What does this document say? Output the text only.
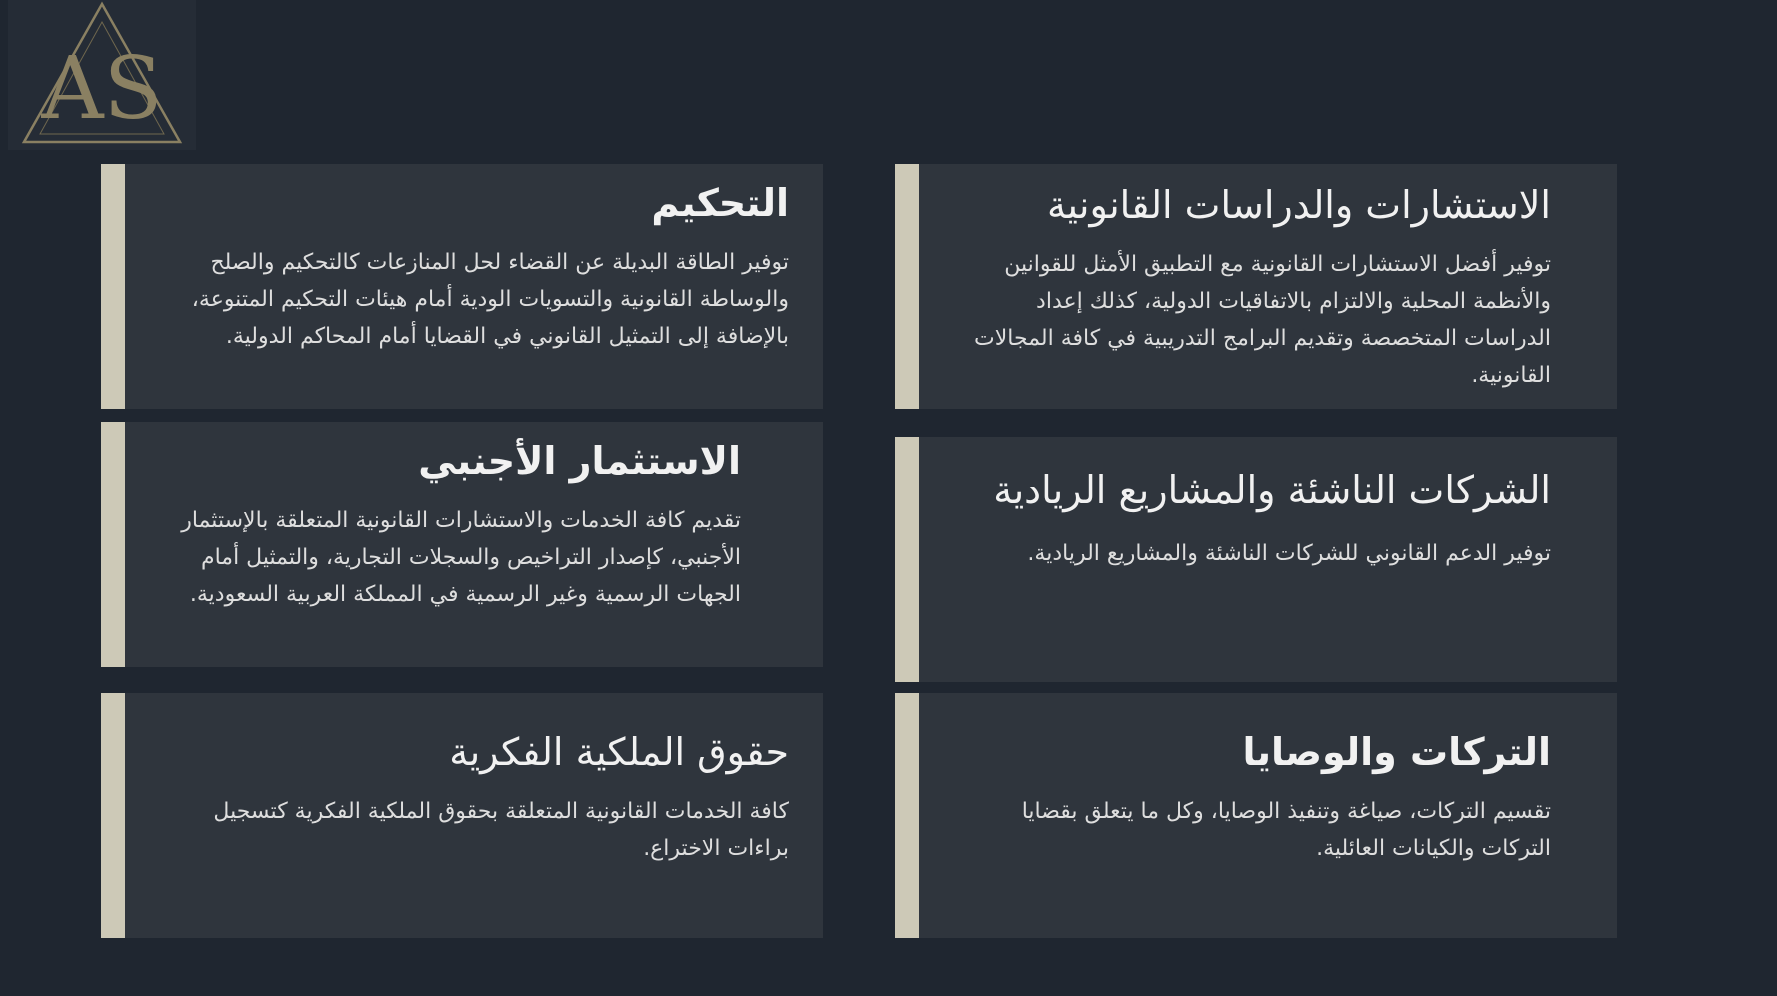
AS
التحكيم

توفير الطاقة البديلة عن القضاء لحل المنازعات كالتحكيم والصلح والوساطة القانونية والتسويات الودية أمام هيئات التحكيم المتنوعة، بالإضافة إلى التمثيل القانوني في القضايا أمام المحاكم الدولية.

الاستثمار الأجنبي

تقديم كافة الخدمات والاستشارات القانونية المتعلقة بالإستثمار الأجنبي، كإصدار التراخيص والسجلات التجارية، والتمثيل أمام الجهات الرسمية وغير الرسمية في المملكة العربية السعودية.

حقوق الملكية الفكرية

كافة الخدمات القانونية المتعلقة بحقوق الملكية الفكرية كتسجيل براءات الاختراع.

الاستشارات والدراسات القانونية

توفير أفضل الاستشارات القانونية مع التطبيق الأمثل للقوانين والأنظمة المحلية والالتزام بالاتفاقيات الدولية، كذلك إعداد الدراسات المتخصصة وتقديم البرامج التدريبية في كافة المجالات القانونية.

الشركات الناشئة والمشاريع الريادية

توفير الدعم القانوني للشركات الناشئة والمشاريع الريادية.

التركات والوصايا

تقسيم التركات، صياغة وتنفيذ الوصايا، وكل ما يتعلق بقضايا التركات والكيانات العائلية.
